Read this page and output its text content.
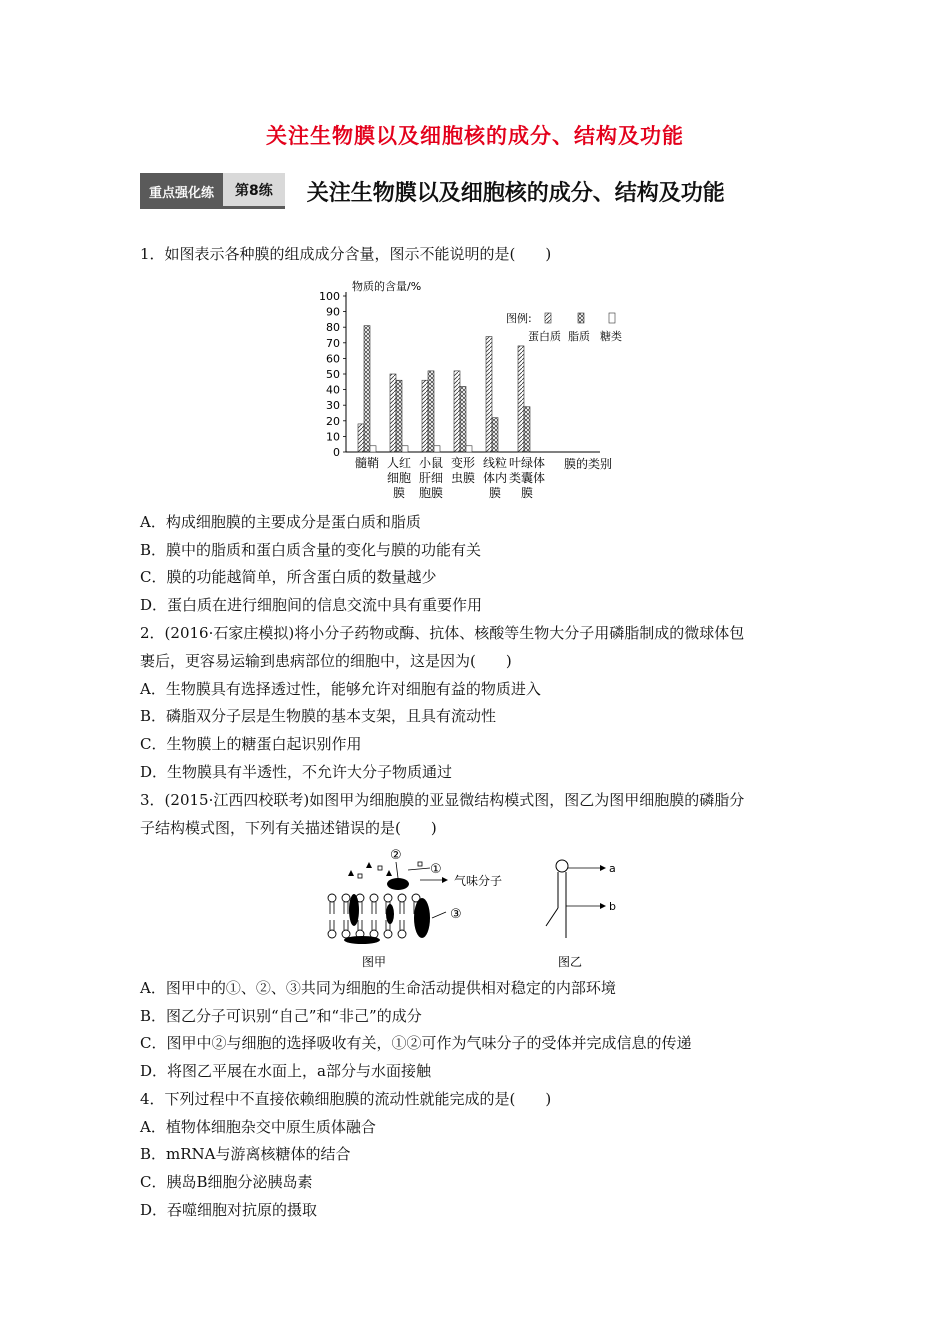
关注生物膜以及细胞核的成分、结构及功能
重点强化练	第8练	关注生物膜以及细胞核的成分、结构及功能
1．如图表示各种膜的组成成分含量，图示不能说明的是(　　)
物质的含量/%
膜的类别
0
10
20
30
40
50
60
70
80
90
100
髓鞘 人红
细胞
膜
小鼠
肝细
胞膜
变形
虫膜
线粒
体内
膜
叶绿体
类囊体
膜
图例:
蛋白质 脂质 糖类
A．构成细胞膜的主要成分是蛋白质和脂质
B．膜中的脂质和蛋白质含量的变化与膜的功能有关
C．膜的功能越简单，所含蛋白质的数量越少
D．蛋白质在进行细胞间的信息交流中具有重要作用
2．(2016·石家庄模拟)将小分子药物或酶、抗体、核酸等生物大分子用磷脂制成的微球体包
裹后，更容易运输到患病部位的细胞中，这是因为(　　)
A．生物膜具有选择透过性，能够允许对细胞有益的物质进入
B．磷脂双分子层是生物膜的基本支架，且具有流动性
C．生物膜上的糖蛋白起识别作用
D．生物膜具有半透性，不允许大分子物质通过
3．(2015·江西四校联考)如图甲为细胞膜的亚显微结构模式图，图乙为图甲细胞膜的磷脂分
子结构模式图，下列有关描述错误的是(　　)
②
①
气味分子
③
图甲
a
b
图乙
A．图甲中的①、②、③共同为细胞的生命活动提供相对稳定的内部环境
B．图乙分子可识别“自己”和“非己”的成分
C．图甲中②与细胞的选择吸收有关，①②可作为气味分子的受体并完成信息的传递
D．将图乙平展在水面上，a部分与水面接触
4．下列过程中不直接依赖细胞膜的流动性就能完成的是(　　)
A．植物体细胞杂交中原生质体融合
B．mRNA与游离核糖体的结合
C．胰岛B细胞分泌胰岛素
D．吞噬细胞对抗原的摄取
